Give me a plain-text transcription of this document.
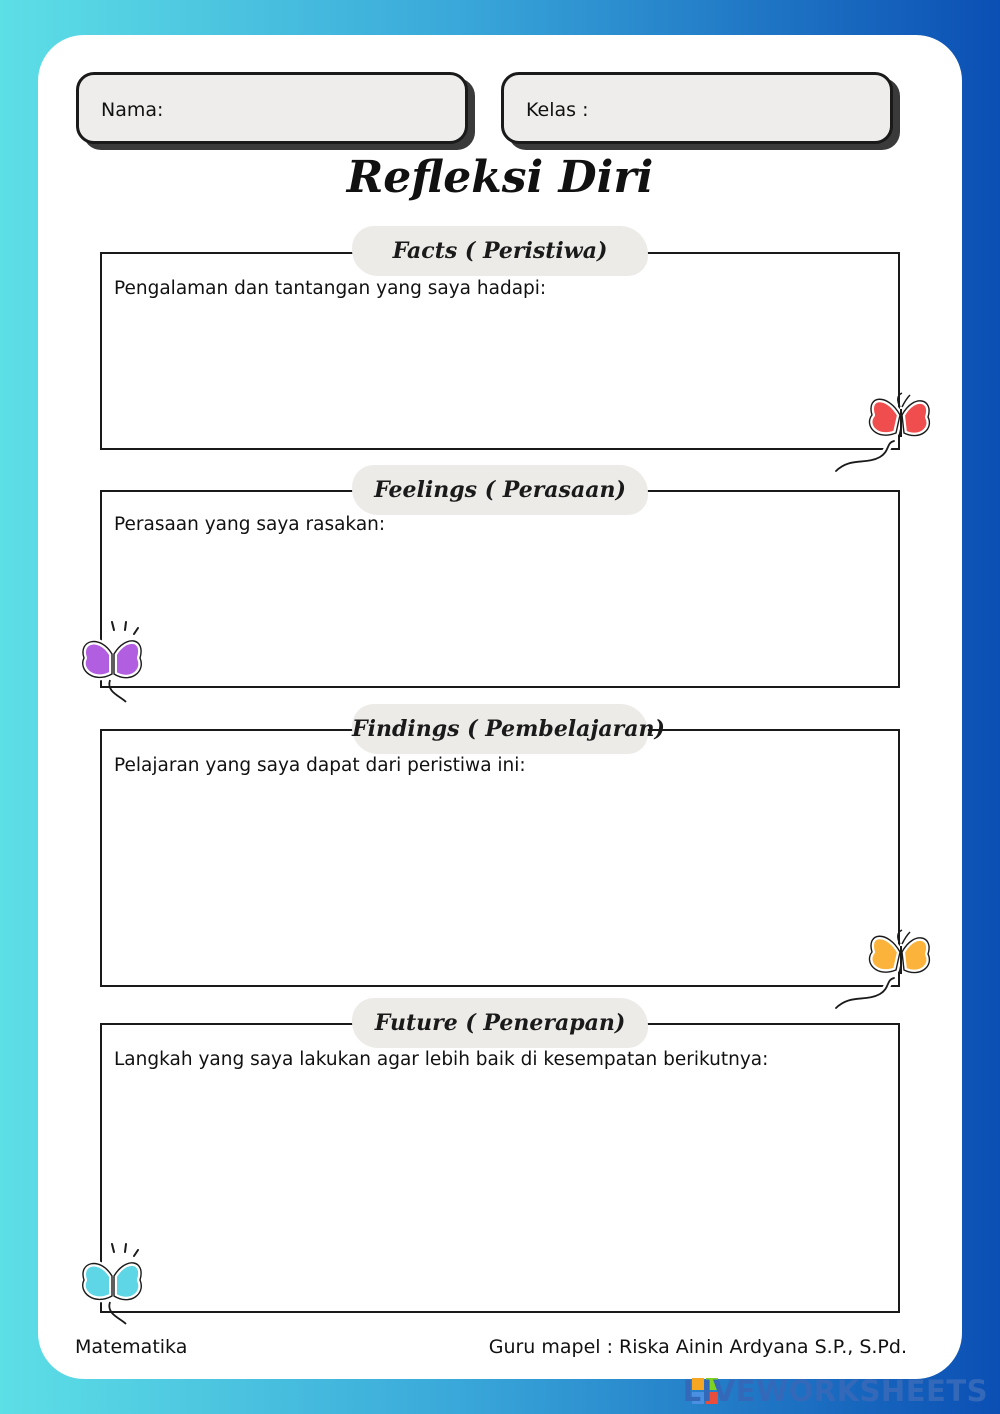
Nama:	Kelas :
Refleksi Diri
Pengalaman dan tantangan yang saya hadapi:
Facts ( Peristiwa)
Perasaan yang saya rasakan:
Feelings ( Perasaan)
Pelajaran yang saya dapat dari peristiwa ini:
Findings ( Pembelajaran)
Langkah yang saya lakukan agar lebih baik di kesempatan berikutnya:
Future ( Penerapan)
Matematika	Guru mapel : Riska Ainin Ardyana S.P., S.Pd.
LIVEWORKSHEETS
